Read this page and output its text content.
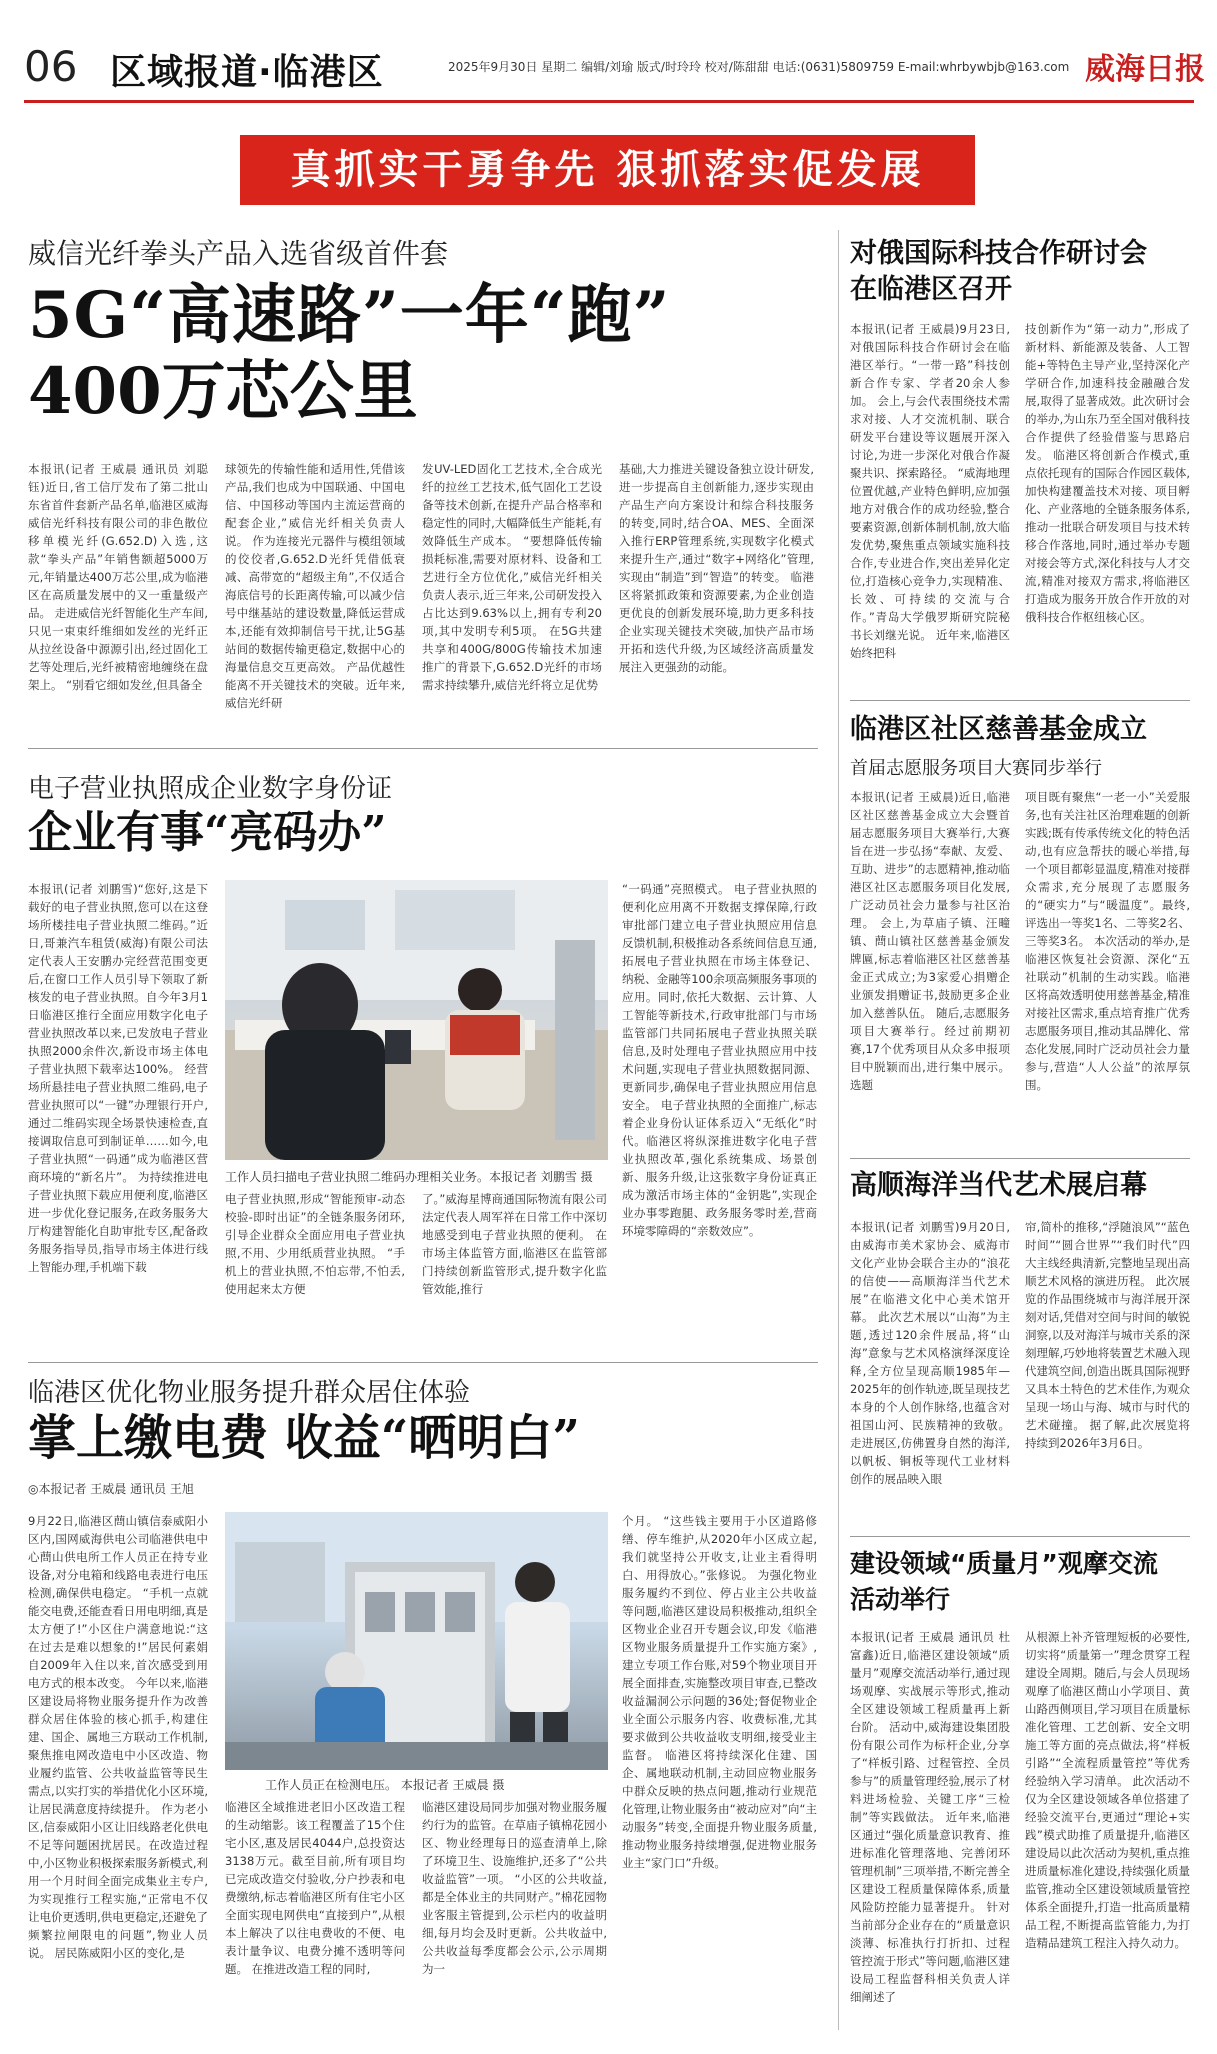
06 区域报道·临港区	2025年9月30日 星期二 编辑/刘瑜 版式/时玲玲 校对/陈甜甜 电话:(0631)5809759 E-mail:whrbywbjb@163.com 威海日报
真抓实干勇争先 狠抓落实促发展
威信光纤拳头产品入选省级首件套
5G“高速路”一年“跑”
400万芯公里
本报讯(记者 王威晨 通讯员 刘聪钰)近日,省工信厅发布了第二批山东省首件套新产品名单,临港区威海威信光纤科技有限公司的非色散位移单模光纤(G.652.D)入选,这款“拳头产品”年销售额超5000万元,年销量达400万芯公里,成为临港区在高质量发展中的又一重量级产品。 走进威信光纤智能化生产车间,只见一束束纤维细如发丝的光纤正从拉丝设备中源源引出,经过固化工艺等处理后,光纤被精密地缠绕在盘架上。 “别看它细如发丝,但具备全
球领先的传输性能和适用性,凭借该产品,我们也成为中国联通、中国电信、中国移动等国内主流运营商的配套企业,”威信光纤相关负责人说。 作为连接光元器件与模组领域的佼佼者,G.652.D光纤凭借低衰减、高带宽的“超级主角”,不仅适合海底信号的长距离传输,可以减少信号中继基站的建设数量,降低运营成本,还能有效抑制信号干扰,让5G基站间的数据传输更稳定,数据中心的海量信息交互更高效。 产品优越性能离不开关键技术的突破。近年来,威信光纤研
发UV-LED固化工艺技术,全合成光纤的拉丝工艺技术,低气固化工艺设备等技术创新,在提升产品合格率和稳定性的同时,大幅降低生产能耗,有效降低生产成本。 “要想降低传输损耗标准,需要对原材料、设备和工艺进行全方位优化,”威信光纤相关负责人表示,近三年来,公司研发投入占比达到9.63%以上,拥有专利20项,其中发明专利5项。 在5G共建共享和400G/800G传输技术加速推广的背景下,G.652.D光纤的市场需求持续攀升,威信光纤将立足优势
基础,大力推进关键设备独立设计研发,进一步提高自主创新能力,逐步实现由产品生产向方案设计和综合科技服务的转变,同时,结合OA、MES、全面深入推行ERP管理系统,实现数字化模式来提升生产,通过“数字+网络化”管理,实现由“制造”到“智造”的转变。 临港区将紧抓政策和资源要素,为企业创造更优良的创新发展环境,助力更多科技企业实现关键技术突破,加快产品市场开拓和迭代升级,为区域经济高质量发展注入更强劲的动能。
电子营业执照成企业数字身份证
企业有事“亮码办”
本报讯(记者 刘鹏雪)“您好,这是下载好的电子营业执照,您可以在这登场所楼挂电子营业执照二维码。”近日,哥兼汽车租赁(威海)有限公司法定代表人王安鹏办完经营范围变更后,在窗口工作人员引导下领取了新核发的电子营业执照。自今年3月1日临港区推行全面应用数字化电子营业执照改革以来,已发放电子营业执照2000余件次,新设市场主体电子营业执照下载率达100%。 经营场所悬挂电子营业执照二维码,电子营业执照可以“一键”办理银行开户,通过二维码实现全场景快速检查,直接调取信息可到制证单……如今,电子营业执照“一码通”成为临港区营商环境的“新名片”。 为持续推进电子营业执照下载应用便利度,临港区进一步优化登记服务,在政务服务大厅构建智能化自助审批专区,配备政务服务指导员,指导市场主体进行线上智能办理,手机端下载
工作人员扫描电子营业执照二维码办理相关业务。本报记者 刘鹏雪 摄
电子营业执照,形成“智能预审-动态校验-即时出证”的全链条服务闭环,引导企业群众全面应用电子营业执照,不用、少用纸质营业执照。 “手机上的营业执照,不怕忘带,不怕丢,使用起来太方便
了。”威海星博商通国际物流有限公司法定代表人周军祥在日常工作中深切地感受到电子营业执照的便利。 在市场主体监管方面,临港区在监管部门持续创新监管形式,提升数字化监管效能,推行
“一码通”亮照模式。 电子营业执照的便利化应用离不开数据支撑保障,行政审批部门建立电子营业执照应用信息反馈机制,积极推动各系统间信息互通,拓展电子营业执照在市场主体登记、纳税、金融等100余项高频服务事项的应用。同时,依托大数据、云计算、人工智能等新技术,行政审批部门与市场监管部门共同拓展电子营业执照关联信息,及时处理电子营业执照应用中技术问题,实现电子营业执照数据同源、更新同步,确保电子营业执照应用信息安全。 电子营业执照的全面推广,标志着企业身份认证体系迈入“无纸化”时代。临港区将纵深推进数字化电子营业执照改革,强化系统集成、场景创新、服务升级,让这张数字身份证真正成为激活市场主体的“金钥匙”,实现企业办事零跑腿、政务服务零时差,营商环境零障碍的“亲数效应”。
临港区优化物业服务提升群众居住体验
掌上缴电费 收益“晒明白”
◎本报记者 王威晨 通讯员 王旭
9月22日,临港区蔄山镇信泰威阳小区内,国网威海供电公司临港供电中心蔄山供电所工作人员正在持专业设备,对分电箱和线路电表进行电压检测,确保供电稳定。 “手机一点就能交电费,还能查看日用电明细,真是太方便了!”小区住户满意地说:“这在过去是难以想象的!”居民何素娟自2009年入住以来,首次感受到用电方式的根本改变。 今年以来,临港区建设局将物业服务提升作为改善群众居住体验的核心抓手,构建住建、国企、属地三方联动工作机制,聚焦推电网改造电中小区改造、物业履约监管、公共收益监管等民生需点,以实打实的举措优化小区环境,让居民满意度持续提升。 作为老小区,信泰威阳小区让旧线路老化供电不足等问题困扰居民。在改造过程中,小区物业积极探索服务新模式,利用一个月时间全面完成集业主专户,为实现推行工程实施,“正常电不仅让电价更透明,供电更稳定,还避免了频繁拉闸限电的问题”,物业人员说。 居民陈威阳小区的变化,是
工作人员正在检测电压。 本报记者 王威晨 摄
临港区全域推进老旧小区改造工程的生动缩影。该工程覆盖了15个住宅小区,惠及居民4044户,总投资达3138万元。截至目前,所有项目均已完成改造交付验收,分户抄表和电费缴纳,标志着临港区所有住宅小区全面实现电网供电“直接到户”,从根本上解决了以往电费收的不便、电表计量争议、电费分摊不透明等问题。 在推进改造工程的同时,
临港区建设局同步加强对物业服务履约行为的监管。在草庙子镇棉花园小区、物业经理每日的巡查清单上,除了环境卫生、设施维护,还多了“公共收益监管”一项。 “小区的公共收益,都是全体业主的共同财产。”棉花园物业客服主管提到,公示栏内的收益明细,每月均会及时更新。公共收益中,公共收益每季度都会公示,公示周期为一
个月。 “这些钱主要用于小区道路修缮、停车维护,从2020年小区成立起,我们就坚持公开收支,让业主看得明白、用得放心。”张修说。 为强化物业服务履约不到位、停占业主公共收益等问题,临港区建设局积极推动,组织全区物业企业召开专题会议,印发《临港区物业服务质量提升工作实施方案》,建立专项工作台账,对59个物业项目开展全面排查,实施整改项目审查,已整改收益漏洞公示问题的36处;督促物业企业全面公示服务内容、收费标准,尤其要求做到公共收益收支明细,接受业主监督。 临港区将持续深化住建、国企、属地联动机制,主动回应物业服务中群众反映的热点问题,推动行业规范化管理,让物业服务由“被动应对”向“主动服务”转变,全面提升物业服务质量,推动物业服务持续增强,促进物业服务业主“家门口”升级。
对俄国际科技合作研讨会
在临港区召开
本报讯(记者 王威晨)9月23日,对俄国际科技合作研讨会在临港区举行。“一带一路”科技创新合作专家、学者20余人参加。 会上,与会代表围绕技术需求对接、人才交流机制、联合研发平台建设等议题展开深入讨论,为进一步深化对俄合作凝聚共识、探索路径。 “威海地理位置优越,产业特色鲜明,应加强地方对俄合作的成功经验,整合要素资源,创新体制机制,放大临发优势,聚焦重点领域实施科技合作,专业进合作,突出差异化定位,打造核心竞争力,实现精准、长效、可持续的交流与合作。”青岛大学俄罗斯研究院秘书长刘继光说。 近年来,临港区始终把科
技创新作为“第一动力”,形成了新材料、新能源及装备、人工智能+等特色主导产业,坚持深化产学研合作,加速科技金融融合发展,取得了显著成效。此次研讨会的举办,为山东乃至全国对俄科技合作提供了经验借鉴与思路启发。 临港区将创新合作模式,重点依托现有的国际合作园区载体,加快构建覆盖技术对接、项目孵化、产业落地的全链条服务体系,推动一批联合研发项目与技术转移合作落地,同时,通过举办专题对接会等方式,深化科技与人才交流,精准对接双方需求,将临港区打造成为服务开放合作开放的对俄科技合作枢纽核心区。
临港区社区慈善基金成立
首届志愿服务项目大赛同步举行
本报讯(记者 王威晨)近日,临港区社区慈善基金成立大会暨首届志愿服务项目大赛举行,大赛旨在进一步弘扬“奉献、友爱、互助、进步”的志愿精神,推动临港区社区志愿服务项目化发展,广泛动员社会力量参与社区治理。 会上,为草庙子镇、汪疃镇、蔄山镇社区慈善基金颁发牌匾,标志着临港区社区慈善基金正式成立;为3家爱心捐赠企业颁发捐赠证书,鼓励更多企业加入慈善队伍。 随后,志愿服务项目大赛举行。经过前期初赛,17个优秀项目从众多申报项目中脱颖而出,进行集中展示。选题
项目既有聚焦“一老一小”关爱服务,也有关注社区治理难题的创新实践;既有传承传统文化的特色活动,也有应急帮扶的暖心举措,每一个项目都彰显温度,精准对接群众需求,充分展现了志愿服务的“硬实力”与“暖温度”。最终,评选出一等奖1名、二等奖2名、三等奖3名。 本次活动的举办,是临港区恢复社会资源、深化“五社联动”机制的生动实践。临港区将高效透明使用慈善基金,精准对接社区需求,重点培育推广优秀志愿服务项目,推动其品牌化、常态化发展,同时广泛动员社会力量参与,营造“人人公益”的浓厚氛围。
高顺海洋当代艺术展启幕
本报讯(记者 刘鹏雪)9月20日,由威海市美术家协会、威海市文化产业协会联合主办的“浪花的信使——高顺海洋当代艺术展”在临港文化中心美术馆开幕。 此次艺术展以“山海”为主题,透过120余件展品,将“山海”意象与艺术风格演绎深度诠释,全方位呈现高顺1985年—2025年的创作轨迹,既呈现技艺本身的个人创作脉络,也蕴含对祖国山河、民族精神的致敬。 走进展区,仿佛置身自然的海洋,以帆板、铜板等现代工业材料创作的展品映入眼
帘,简朴的推移,“浮随浪风”“蓝色时间”“圆合世界”“我们时代”四大主线经典清新,完整地呈现出高顺艺术风格的演进历程。 此次展览的作品围绕城市与海洋展开深刻对话,凭借对空间与时间的敏锐洞察,以及对海洋与城市关系的深刻理解,巧妙地将装置艺术融入现代建筑空间,创造出既具国际视野又具本土特色的艺术佳作,为观众呈现一场山与海、城市与时代的艺术碰撞。 据了解,此次展览将持续到2026年3月6日。
建设领域“质量月”观摩交流
活动举行
本报讯(记者 王威晨 通讯员 杜富鑫)近日,临港区建设领域“质量月”观摩交流活动举行,通过现场观摩、实战展示等形式,推动全区建设领域工程质量再上新台阶。 活动中,威海建设集团股份有限公司作为标杆企业,分享了“样板引路、过程管控、全员参与”的质量管理经验,展示了材料进场检验、关键工序“三检制”等实践做法。 近年来,临港区通过“强化质量意识教育、推进标准化管理落地、完善闭环管理机制”三项举措,不断完善全区建设工程质量保障体系,质量风险防控能力显著提升。 针对当前部分企业存在的“质量意识淡薄、标准执行打折扣、过程管控流于形式”等问题,临港区建设局工程监督科相关负责人详细阐述了
从根源上补齐管理短板的必要性,切实将“质量第一”理念贯穿工程建设全周期。随后,与会人员现场观摩了临港区蔄山小学项目、黄山路西侧项目,学习项目在质量标准化管理、工艺创新、安全文明施工等方面的亮点做法,将“样板引路”“全流程质量管控”等优秀经验纳入学习清单。 此次活动不仅为全区建设领域各单位搭建了经验交流平台,更通过“理论+实践”模式助推了质量提升,临港区建设局以此次活动为契机,重点推进质量标准化建设,持续强化质量监管,推动全区建设领域质量管控体系全面提升,打造一批高质量精品工程,不断提高监管能力,为打造精品建筑工程注入持久动力。
